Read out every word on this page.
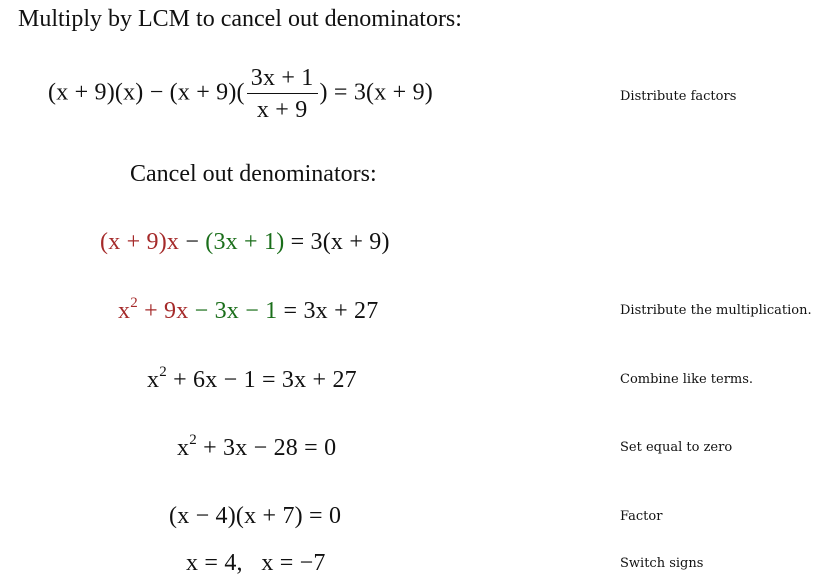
Multiply by LCM to cancel out denominators:
$(x + 9)(x) - (x + 9)( \frac{3x + 1}{x + 9}$ ) = 3(x + 9)	Distribute factors
Cancel out denominators:
(x + 9)x − (3x + 1) = 3(x + 9)
$x^2 + 9x - 3x - 1 = 3x + 27$	Distribute the multiplication.
$x^2 + 6x - 1 = 3x + 27$	Combine like terms.
$x^2 + 3x - 28 = 0$	Set equal to zero
(x − 4)(x + 7) = 0	Factor
x = 4,   x = −7	Switch signs
